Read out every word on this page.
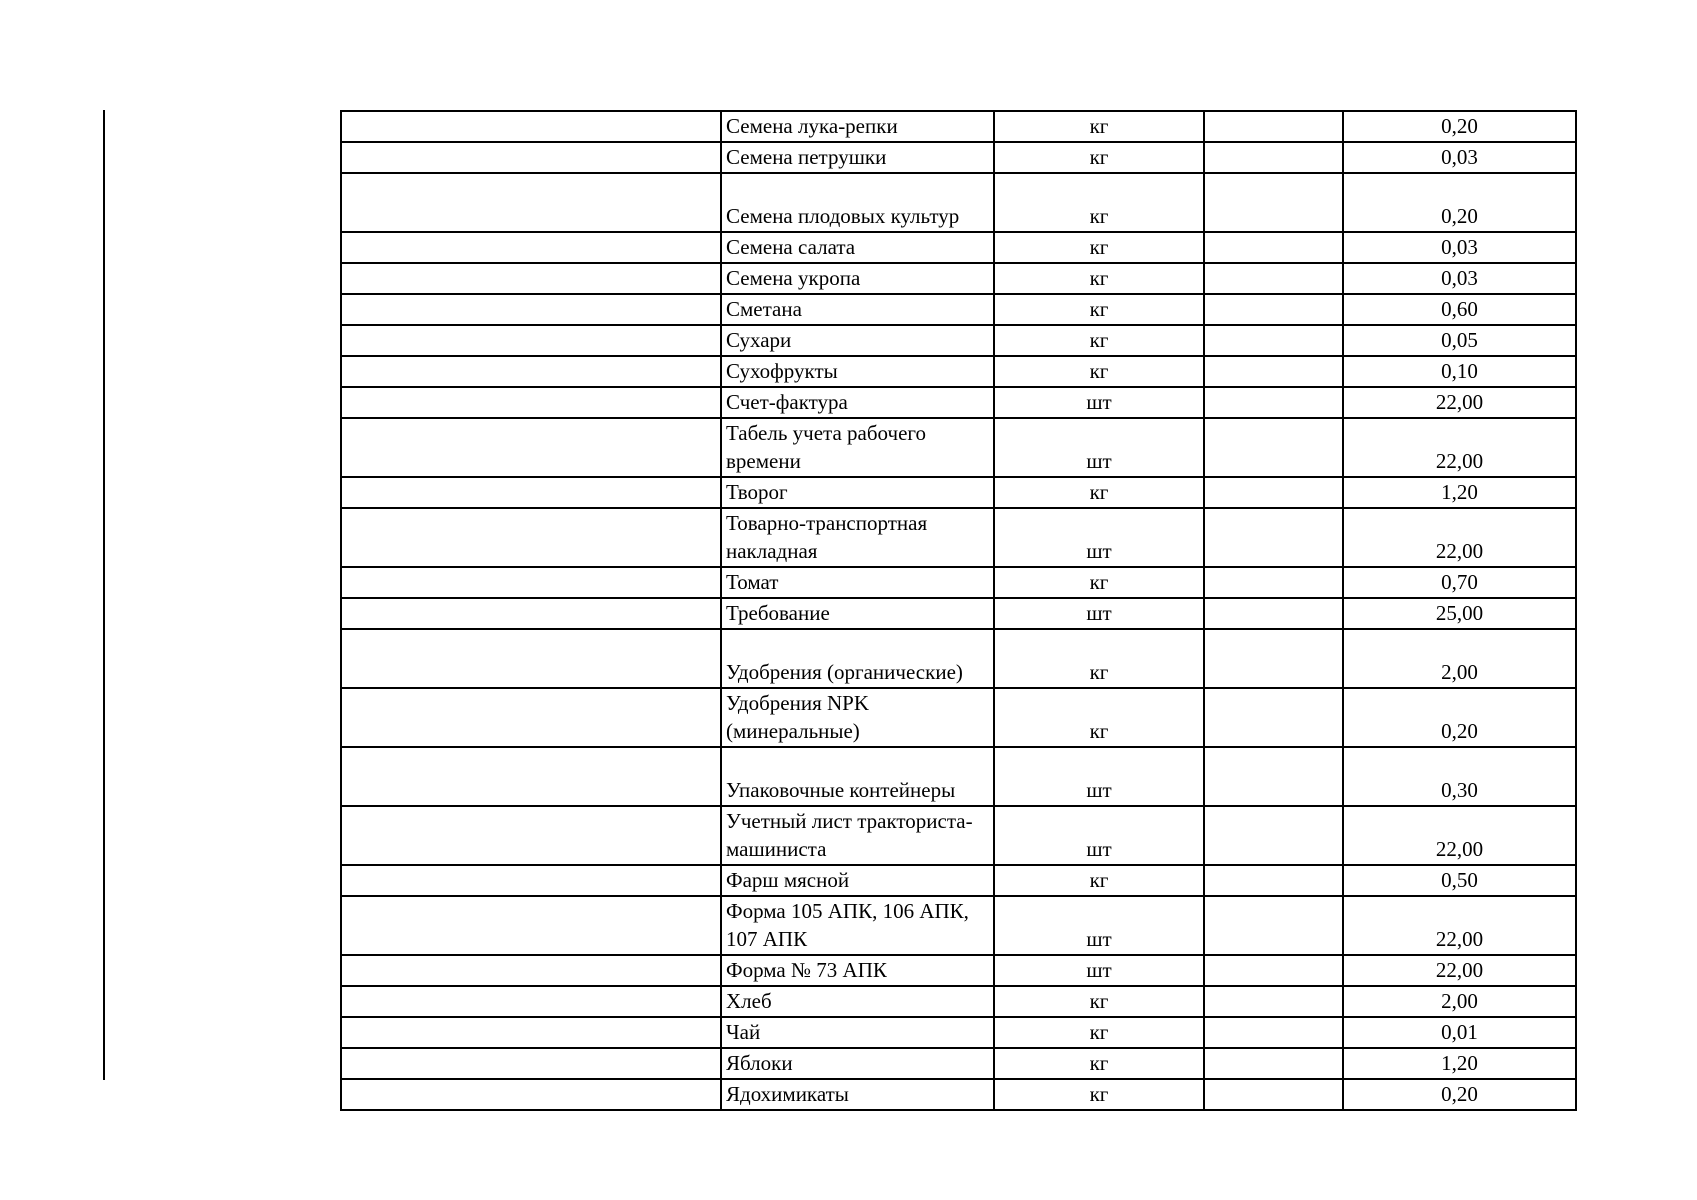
	Семена лука-репки	кг		0,20
	Семена петрушки	кг		0,03
	Семена плодовых культур	кг		0,20
	Семена салата	кг		0,03
	Семена укропа	кг		0,03
	Сметана	кг		0,60
	Сухари	кг		0,05
	Сухофрукты	кг		0,10
	Счет-фактура	шт		22,00
	Табель учета рабочего времени	шт		22,00
	Творог	кг		1,20
	Товарно-транспортная накладная	шт		22,00
	Томат	кг		0,70
	Требование	шт		25,00
	Удобрения (органические)	кг		2,00
	Удобрения NPK (минеральные)	кг		0,20
	Упаковочные контейнеры	шт		0,30
	Учетный лист тракториста-машиниста	шт		22,00
	Фарш мясной	кг		0,50
	Форма 105 АПК, 106 АПК, 107 АПК	шт		22,00
	Форма № 73 АПК	шт		22,00
	Хлеб	кг		2,00
	Чай	кг		0,01
	Яблоки	кг		1,20
	Ядохимикаты	кг		0,20
